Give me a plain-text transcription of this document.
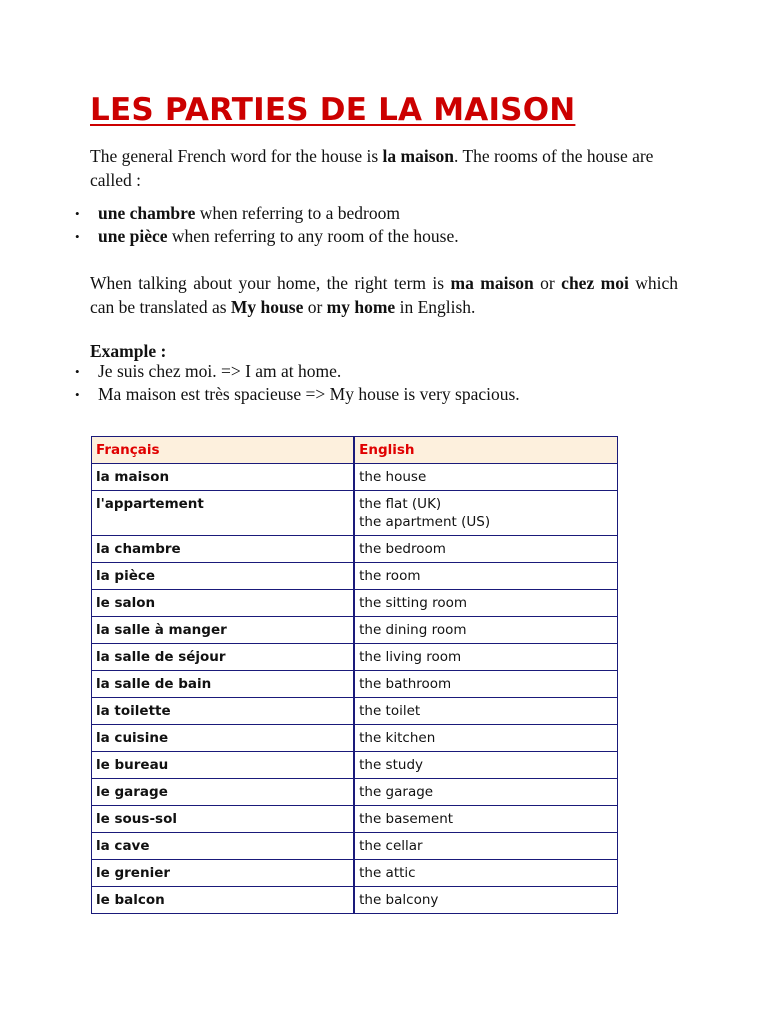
LES PARTIES DE LA MAISON

The general French word for the house is la maison. The rooms of the house are called :

• une chambre when referring to a bedroom
• une pièce when referring to any room of the house.

When talking about your home, the right term is ma maison or chez moi which can be translated as My house or my home in English.

Example :

• Je suis chez moi. => I am at home.
• Ma maison est très spacieuse => My house is very spacious.
Français	English
la maison	the house

l'appartement	the flat (UK)
the apartment (US)

la chambre	the bedroom

la pièce	the room

le salon	the sitting room

la salle à manger	the dining room

la salle de séjour	the living room

la salle de bain	the bathroom

la toilette	the toilet

la cuisine	the kitchen

le bureau	the study

le garage	the garage

le sous-sol	the basement

la cave	the cellar

le grenier	the attic

le balcon	the balcony
